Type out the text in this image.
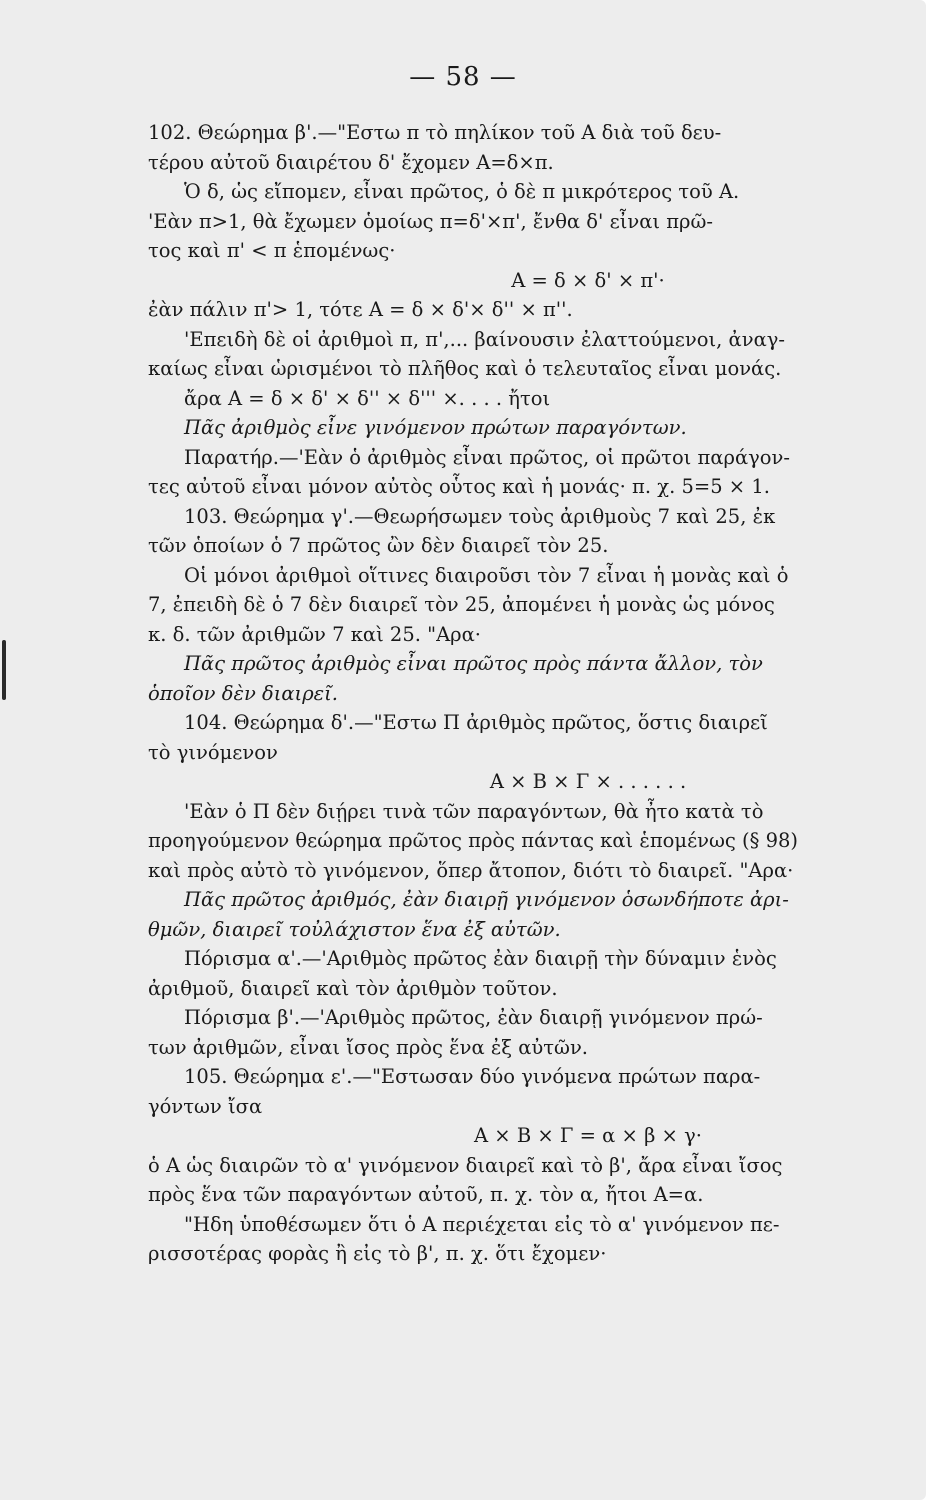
— 58 —
102. Θεώρημα β'.—"Εστω π τὸ πηλίκον τοῦ Α διὰ τοῦ δευ-
τέρου αὐτοῦ διαιρέτου δ' ἔχομεν Α=δ×π.
Ὁ δ, ὡς εἴπομεν, εἶναι πρῶτος, ὁ δὲ π μικρότερος τοῦ Α.
'Εὰν π>1, θὰ ἔχωμεν ὁμοίως π=δ'×π', ἔνθα δ' εἶναι πρῶ-
τος καὶ π' < π ἑπομένως·
Α = δ × δ' × π'·
ἐὰν πάλιν π'> 1, τότε Α = δ × δ'× δ'' × π''.
'Επειδὴ δὲ οἱ ἀριθμοὶ π, π',... βαίνουσιν ἐλαττούμενοι, ἀναγ-
καίως εἶναι ὡρισμένοι τὸ πλῆθος καὶ ὁ τελευταῖος εἶναι μονάς.
ἄρα Α = δ × δ' × δ'' × δ''' ×. . . . ἤτοι
Πᾶς ἀριθμὸς εἶνε γινόμενον πρώτων παραγόντων.
Παρατήρ.—'Εὰν ὁ ἀριθμὸς εἶναι πρῶτος, οἱ πρῶτοι παράγον-
τες αὐτοῦ εἶναι μόνον αὐτὸς οὗτος καὶ ἡ μονάς· π. χ. 5=5 × 1.
103. Θεώρημα γ'.—Θεωρήσωμεν τοὺς ἀριθμοὺς 7 καὶ 25, ἐκ
τῶν ὁποίων ὁ 7 πρῶτος ὢν δὲν διαιρεῖ τὸν 25.
Οἱ μόνοι ἀριθμοὶ οἵτινες διαιροῦσι τὸν 7 εἶναι ἡ μονὰς καὶ ὁ
7, ἐπειδὴ δὲ ὁ 7 δὲν διαιρεῖ τὸν 25, ἀπομένει ἡ μονὰς ὡς μόνος
κ. δ. τῶν ἀριθμῶν 7 καὶ 25. "Αρα·
Πᾶς πρῶτος ἀριθμὸς εἶναι πρῶτος πρὸς πάντα ἄλλον, τὸν
ὁποῖον δὲν διαιρεῖ.
104. Θεώρημα δ'.—"Εστω Π ἀριθμὸς πρῶτος, ὅστις διαιρεῖ
τὸ γινόμενον
Α × Β × Γ × . . . . . .
'Εὰν ὁ Π δὲν διῄρει τινὰ τῶν παραγόντων, θὰ ἦτο κατὰ τὸ
προηγούμενον θεώρημα πρῶτος πρὸς πάντας καὶ ἑπομένως (§ 98)
καὶ πρὸς αὐτὸ τὸ γινόμενον, ὅπερ ἄτοπον, διότι τὸ διαιρεῖ. "Αρα·
Πᾶς πρῶτος ἀριθμός, ἐὰν διαιρῇ γινόμενον ὁσωνδήποτε ἀρι-
θμῶν, διαιρεῖ τοὐλάχιστον ἕνα ἐξ αὐτῶν.
Πόρισμα α'.—'Αριθμὸς πρῶτος ἐὰν διαιρῇ τὴν δύναμιν ἑνὸς
ἀριθμοῦ, διαιρεῖ καὶ τὸν ἀριθμὸν τοῦτον.
Πόρισμα β'.—'Αριθμὸς πρῶτος, ἐὰν διαιρῇ γινόμενον πρώ-
των ἀριθμῶν, εἶναι ἴσος πρὸς ἕνα ἐξ αὐτῶν.
105. Θεώρημα ε'.—"Εστωσαν δύο γινόμενα πρώτων παρα-
γόντων ἴσα
Α × Β × Γ = α × β × γ·
ὁ Α ὡς διαιρῶν τὸ α' γινόμενον διαιρεῖ καὶ τὸ β', ἄρα εἶναι ἴσος
πρὸς ἕνα τῶν παραγόντων αὐτοῦ, π. χ. τὸν α, ἤτοι Α=α.
"Ηδη ὑποθέσωμεν ὅτι ὁ Α περιέχεται εἰς τὸ α' γινόμενον πε-
ρισσοτέρας φορὰς ἢ εἰς τὸ β', π. χ. ὅτι ἔχομεν·
